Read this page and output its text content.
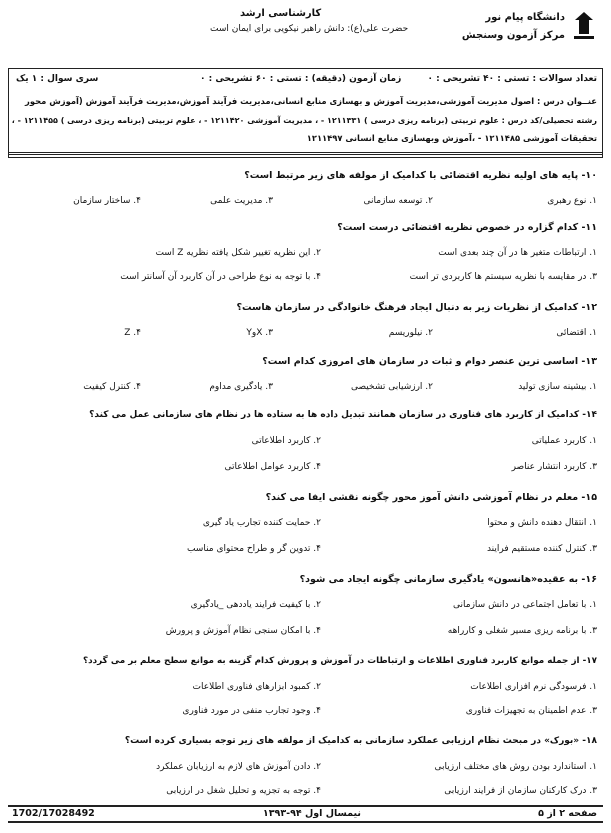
دانشگاه پیام نور
مرکز آزمون وسنجش
کارشناسی ارشد
حضرت علی(ع): دانش راهبر نیکویی برای ایمان است
تعداد سوالات : تستی : ۴۰ تشریحی : ۰
زمان آزمون (دقیقه) : تستی : ۶۰ تشریحی : ۰
سری سوال : ۱ یک
عنــوان درس : اصول مدیریت آموزشی،مدیریت آموزش و بهسازی منابع انسانی،مدیریت فرآیند آموزش،مدیریت فرآیند آموزش (آموزش محور
رشته تحصیلی/کد درس : علوم تربیتی (برنامه ریزی درسی ) ۱۲۱۱۳۳۱ - ، مدیریت آموزشی ۱۲۱۱۴۲۰ - ، علوم تربیتی (برنامه ریزی درسی ) ۱۲۱۱۴۵۵ - ،
تحقیقات آموزشی ۱۲۱۱۴۸۵ - ،آموزش وبهسازی منابع انسانی ۱۲۱۱۴۹۷
۱۰- پایه های اولیه نظریه اقتضائی با کدامیک از مولفه های زیر مرتبط است؟
۱. نوع رهبری
۲. توسعه سازمانی
۳. مدیریت علمی
۴. ساختار سازمان
۱۱- کدام گزاره در خصوص نظریه اقتضائی درست است؟
۱. ارتباطات متغیر ها در آن چند بعدی است
۲. این نظریه تغییر شکل یافته نظریه Z است
۳. در مقایسه با نظریه سیستم ها کاربردی تر است
۴. با توجه به نوع طراحی در آن کاربرد آن آسانتر است
۱۲- کدامیک از نظریات زیر به دنبال ایجاد فرهنگ خانوادگی در سازمان هاست؟
۱. اقتضائی
۲. نیلوریسم
۳. XوY
۴. Z
۱۳- اساسی ترین عنصر دوام و ثبات در سازمان های امروزی کدام است؟
۱. بیشینه سازی تولید
۲. ارزشیابی تشخیصی
۳. یادگیری مداوم
۴. کنترل کیفیت
۱۴- کدامیک از کاربرد های فناوری در سازمان همانند تبدیل داده ها به ستاده ها در نظام های سازمانی عمل می کند؟
۱. کاربرد عملیاتی
۲. کاربرد اطلاعاتی
۳. کاربرد انتشار عناصر
۴. کاربرد عوامل اطلاعاتی
۱۵- معلم در نظام آموزشی دانش آموز محور چگونه نقشی ایفا می کند؟
۱. انتقال دهنده دانش و محتوا
۲. حمایت کننده تجارب یاد گیری
۳. کنترل کننده مستقیم فرایند
۴. تدوین گر و طراح محتوای مناسب
۱۶- به عقیده«هانسون» یادگیری سازمانی چگونه ایجاد می شود؟
۱. با تعامل اجتماعی در دانش سازمانی
۲. با کیفیت فرایند یاددهی _یادگیری
۳. با برنامه ریزی مسیر شغلی و کارراهه
۴. با امکان سنجی نظام آموزش و پرورش
۱۷- از جمله موانع کاربرد فناوری اطلاعات و ارتباطات در آموزش و پرورش کدام گزینه به موانع سطح معلم بر می گردد؟
۱. فرسودگی نرم افزاری اطلاعات
۲. کمبود ابزارهای فناوری اطلاعات
۳. عدم اطمینان به تجهیزات فناوری
۴. وجود تجارب منفی در مورد فناوری
۱۸- «بورک» در مبحث نظام ارزیابی عملکرد سازمانی به کدامیک از مولفه های زیر توجه بسیاری کرده است؟
۱. استاندارد بودن روش های مختلف ارزیابی
۲. دادن آموزش های لازم به ارزیابان عملکرد
۳. درک کارکنان سازمان از فرایند ارزیابی
۴. توجه به تجزیه و تحلیل شغل در ارزیابی
صفحه ۲ از ۵
نیمسال اول ۹۴-۱۳۹۳
1702/17028492
